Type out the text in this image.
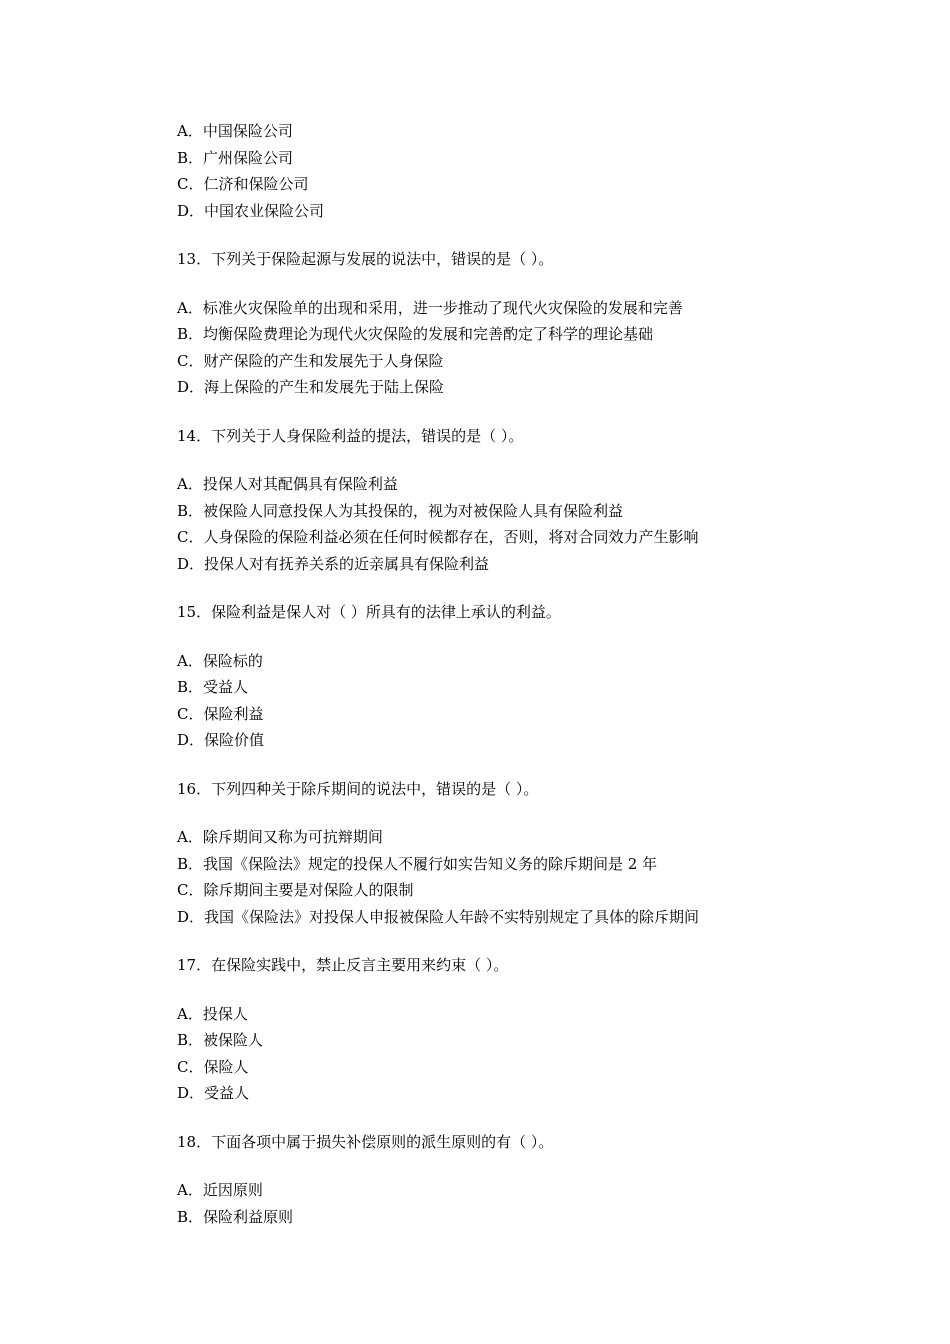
A．中国保险公司
B．广州保险公司
C．仁济和保险公司
D．中国农业保险公司
13．下列关于保险起源与发展的说法中，错误的是（ ）。
A．标准火灾保险单的出现和采用，进一步推动了现代火灾保险的发展和完善
B．均衡保险费理论为现代火灾保险的发展和完善酌定了科学的理论基础
C．财产保险的产生和发展先于人身保险
D．海上保险的产生和发展先于陆上保险
14．下列关于人身保险利益的提法，错误的是（ ）。
A．投保人对其配偶具有保险利益
B．被保险人同意投保人为其投保的，视为对被保险人具有保险利益
C．人身保险的保险利益必须在任何时候都存在，否则，将对合同效力产生影响
D．投保人对有抚养关系的近亲属具有保险利益
15．保险利益是保人对（ ）所具有的法律上承认的利益。
A．保险标的
B．受益人
C．保险利益
D．保险价值
16．下列四种关于除斥期间的说法中，错误的是（ ）。
A．除斥期间又称为可抗辩期间
B．我国《保险法》规定的投保人不履行如实告知义务的除斥期间是 2 年
C．除斥期间主要是对保险人的限制
D．我国《保险法》对投保人申报被保险人年龄不实特别规定了具体的除斥期间
17．在保险实践中，禁止反言主要用来约束（ ）。
A．投保人
B．被保险人
C．保险人
D．受益人
18．下面各项中属于损失补偿原则的派生原则的有（ ）。
A．近因原则
B．保险利益原则
